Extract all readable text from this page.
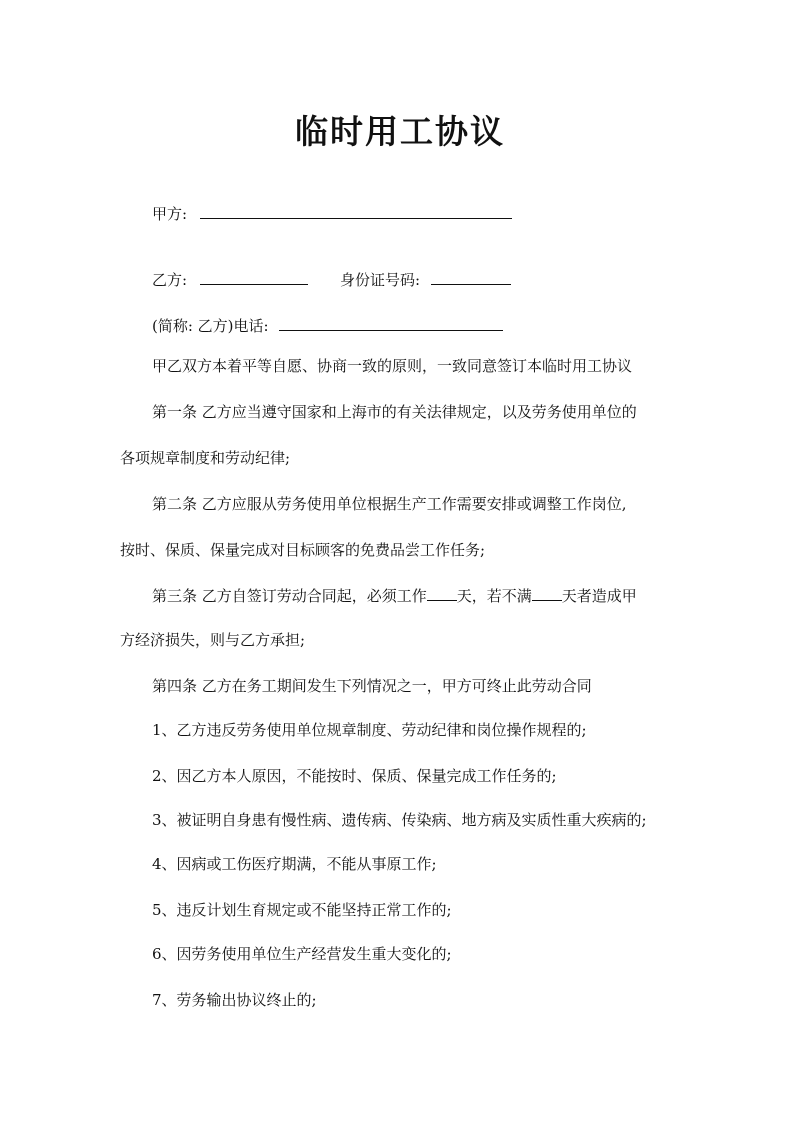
临时用工协议
甲方:
乙方:	身份证号码:
(简称: 乙方)电话:
甲乙双方本着平等自愿、协商一致的原则，一致同意签订本临时用工协议
第一条 乙方应当遵守国家和上海市的有关法律规定，以及劳务使用单位的
各项规章制度和劳动纪律;
第二条 乙方应服从劳务使用单位根据生产工作需要安排或调整工作岗位,
按时、保质、保量完成对目标顾客的免费品尝工作任务;
第三条 乙方自签订劳动合同起，必须工作 天，若不满 天者造成甲
方经济损失，则与乙方承担;
第四条 乙方在务工期间发生下列情况之一，甲方可终止此劳动合同
1、乙方违反劳务使用单位规章制度、劳动纪律和岗位操作规程的;
2、因乙方本人原因，不能按时、保质、保量完成工作任务的;
3、被证明自身患有慢性病、遗传病、传染病、地方病及实质性重大疾病的;
4、因病或工伤医疗期满，不能从事原工作;
5、违反计划生育规定或不能坚持正常工作的;
6、因劳务使用单位生产经营发生重大变化的;
7、劳务输出协议终止的;
